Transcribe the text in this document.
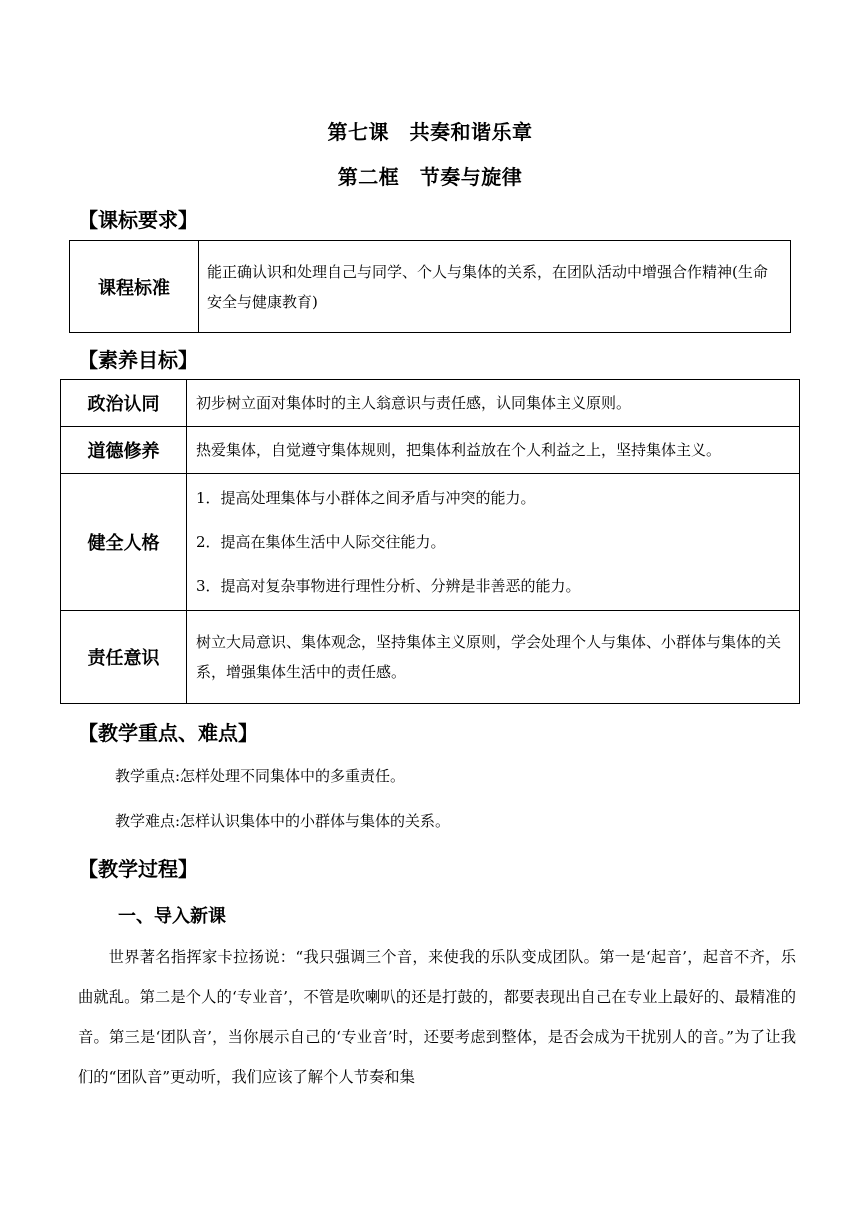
第七课　共奏和谐乐章
第二框　节奏与旋律
【课标要求】
课程标准	能正确认识和处理自己与同学、个人与集体的关系，在团队活动中增强合作精神(生命安全与健康教育)
【素养目标】
政治认同	初步树立面对集体时的主人翁意识与责任感，认同集体主义原则。

道德修养	热爱集体，自觉遵守集体规则，把集体利益放在个人利益之上，坚持集体主义。

健全人格	1．提高处理集体与小群体之间矛盾与冲突的能力。

2．提高在集体生活中人际交往能力。

3．提高对复杂事物进行理性分析、分辨是非善恶的能力。

责任意识	树立大局意识、集体观念，坚持集体主义原则，学会处理个人与集体、小群体与集体的关系，增强集体生活中的责任感。

【教学重点、难点】
教学重点:怎样处理不同集体中的多重责任。
教学难点:怎样认识集体中的小群体与集体的关系。
【教学过程】
一、导入新课
世界著名指挥家卡拉扬说：“我只强调三个音，来使我的乐队变成团队。第一是‘起音’，起音不齐，乐曲就乱。第二是个人的‘专业音’，不管是吹喇叭的还是打鼓的，都要表现出自己在专业上最好的、最精准的音。第三是‘团队音’，当你展示自己的‘专业音’时，还要考虑到整体，是否会成为干扰别人的音。”为了让我们的“团队音”更动听，我们应该了解个人节奏和集
